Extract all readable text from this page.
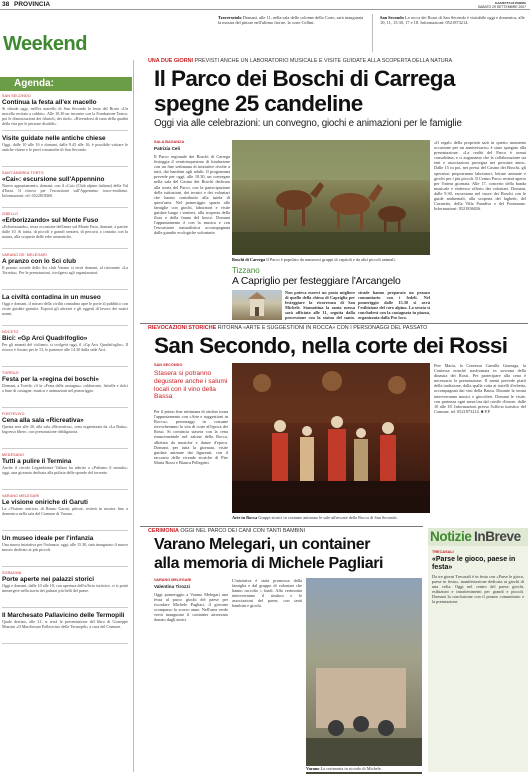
38 PROVINCIA	GAZZETTA DI PARMA
SABATO 29 SETTEMBRE 2007
Weekend
Agenda:
Traversetolo Domani, alle 11, nella sala delle colonne della Corte, sarà inaugurata la mostra del pittore nell'ultimo fiorire, la corte Cellini.
San Secondo La rocca dei Rossi di San Secondo è visitabile oggi e domenica, alle 10, 11, 15.30, 17 e 18. Informazioni: 0521873214.
SAN SECONDO
Continua la festa all'ex macello
Si chiude oggi, nell'ex macello di San Secondo la festa del Bruto «Un macello recitato a rubbio». Alle 10.30 un incontro con la Fondazione Teatro; poi le dimostrazioni dei filarioli, dei titolo. «Rivendorsi di tutta della qualità della vita per le persone disabili».
Visite guidate nelle antiche chiese
Oggi, dalle 10 alle 16 e domani, dalle 9.45 alle 16, è possibile visitare le antiche chiese e le pievi romaniche di San Secondo.
SANT'ANDREA TORTO
«Cai»: escursione sull'Appennino
Nuovo appuntamento, domani, con il «Cai» (Club alpino italiano) della Val d'Enza. Il ritrovo per l'escursione sull'Appennino tosco-emiliano. Informazioni: tel. 0522818360.
ZIBELLO
«Erborizzando» sul Monte Fuso
«Erborizzando», terza occasione dell'anno sul Monte Fuso, domani, a partire dalle 10. Si tratta, di piccoli e grandi sentieri, di percorsi a contatto con la natura, alla scoperta delle erbe aromatiche.
VARANO DE' MELEGARI
A pranzo con lo Sci club
Il pranzo sociale dello Sci club Varano si terrà domani, al ristorante «La Torretta». Per le prenotazioni, rivolgersi agli organizzatori.
La civiltà contadina in un museo
Oggi e domani, il museo della civiltà contadina apre le porte al pubblico con visite guidate gratuite. Esposti gli attrezzi e gli oggetti di lavoro dei nostri nonni.
NOCETO
Bici: «Gp Arci Quadrifoglio»
Per gli amanti del ciclismo, si svolgerà oggi, il «Gp Arci Quadrifoglio». Il ritrovo è fissato per le 13, le partenze alle 14.30 dalla sede Arci.
TORRILE
Festa per la «regina dei boschi»
Domani, a Torrile, c'è la «Festa della castagna»: caldarroste, frittelle e dolci a base di castagne, musica e animazioni nel pomeriggio.
FONTEVIVO
Cena alla sala «Ricreativa»
Questa sera alle 20, alla sala «Ricreativa», cena organizzata da «La Baita». Ingresso libero, con prenotazione obbligatoria.
MEDESANO
Tutti a pulire il Termina
Anche il circolo Legambiente Valtaro ha aderito a «Puliamo il mondo»: oggi, una giornata dedicata alla pulizia delle sponde del torrente.
VARANO MELEGARI
Le visione oniriche di Garuti
La «Visione onirica» di Renzo Garuti, pittore, resterà in mostra fino a domenica nella sala del Comune di Varano.
Un museo ideale per l'infanzia
Una nuova iniziativa per l'infanzia: oggi, alle 15.30, sarà inaugurato il nuovo museo dedicato ai più piccoli.
SORAGNA
Porte aperte nei palazzi storici
Oggi e domani, dalle 10 alle 18, con apertura dell'ufficio turistico, ci si potrà immergere nella storia dei palazzi più belli del paese.
Il Marchesato Pallavicino delle Termopili
Quale destino, alle 21, si terrà la presentazione del libro di Giuseppe Mussini «Il Marchesato Pallavicino delle Termopili» a cura del Comune.
UNA DUE GIORNI PREVISTI ANCHE UN LABORATORIO MUSICALE E VISITE GUIDATE ALLA SCOPERTA DELLA NATURA
Il Parco dei Boschi di Carrega
spegne 25 candeline
Oggi via alle celebrazioni: un convegno, giochi e animazioni per le famiglie
SALA BAGANZA
Patrizia Celi
Il Parco regionale dei Boschi di Carrega festeggia il venticinquesimo di fondazione con un fine settimana di iniziative rivolte a tutti, dai bambini agli adulti. Il programma prevede per oggi, alle 10.30, un convegno nella sala del Casino dei Boschi dedicato alla storia del Parco, con la partecipazione delle istituzioni, dei tecnici e dei volontari che hanno contribuito alla tutela di quest'area. Nel pomeriggio spazio alle famiglie con giochi, laboratori e visite guidate lungo i sentieri, alla scoperta della flora e della fauna del bosco. Domani l'appuntamento è con la musica e con l'escursione naturalistica accompagnata dalle guardie ecologiche volontarie.
Boschi di Carrega Il Parco è popolato da numerosi gruppi di caprioli e da altri piccoli animali.
«Il regalo della proprietà sarà in questo momento occasione per un anniversario» è stato spiegato alla presentazione. «La realtà del Parco è ormai consolidata, e ci auguriamo che la collaborazione tra enti e associazioni prosegua nei prossimi anni». Dalle 15 in poi, nei pressi del Casino dei Boschi, gli operatori proporranno laboratori, letture animate e giochi per i più piccoli. Il Centro Parco resterà aperto per l'intera giornata. Alle 17, concerto della banda musicale e rinfresco offerto dai volontari. Domani, dalle 9.30, escursione nel cuore dei Boschi con le guide ambientali, alla scoperta dei laghetti, del Casinetto, della Villa Paradiso e del Fontanone. Informazioni: 0521836026.
Tizzano
A Capriglio per festeggiare l'Arcangelo
Non poteva esserci un posto migliore di quello della chiesa di Capriglio per festeggiare la ricorrenza di San Michele. Stamattina la santa messa sarà officiata alle 11, seguita dalla processione con la statua del santo.
strade hanno preparato un pranzo comunitario con i fedeli. Nel pomeriggio dalle 15.30 si avrà l'esibizione del coro alpino. La serata si concluderà con la castagnata in piazza, organizzata dalla Pro loco.
RIEVOCAZIONI STORICHE RITORNA «ARTE E SUGGESTIONI IN ROCCA» CON I PERSONAGGI DEL PASSATO
San Secondo, nella corte dei Rossi
SAN SECONDO
Stasera si potranno degustare anche i salumi locali con il vino della Bassa
Per il primo fine settimana di ottobre torna l'appuntamento con «Arte e suggestioni in Rocca»: personaggi in costume rievocheranno la vita di corte all'epoca dei Rossi. Si comincia stasera con la cena rinascimentale nel salone della Rocca, allietata da musiche e danze d'epoca. Domani, per tutta la giornata, visite guidate animate dai figuranti, con il racconto delle vicende storiche di Pier Maria Rossi e Bianca Pellegrini.
Arte in Rocca Gruppi storici in costume animano le sale affrescate della Rocca di San Secondo.
Pier Maria, la Contessa Camilla Gonzaga, la Contessa nonché trasformata in sovrana della dinastia dei Rossi. Per partecipare alla cena è necessaria la prenotazione. Il menù prevede piatti della tradizione, dalla spalla cotta ai tortelli d'erbetta, accompagnati dai vini della Bassa. Durante la serata interverranno musici e giocolieri. Domani le visite, con partenza ogni mezz'ora dal cortile d'onore, dalle 10 alle 18. Informazioni presso l'ufficio turistico del Comune, tel. 0521873214. ■ P.P.
CERIMONIA OGGI NEL PARCO DEI CANI CON TANTI BAMBINI
Varano Melegari, un container
alla memoria di Michele Pagliari
VARANO MELEGARI
Valentina Tirozzi
Oggi pomeriggio a Varano Melegari una festa al parco giochi del paese per ricordare Michele Pagliari, il giovane scomparso lo scorso anno. Nell'area verde verrà inaugurato il container attrezzato donato dagli amici.
L'iniziativa è stata promossa dalla famiglia e dal gruppo di volontari che hanno raccolto i fondi. Alla cerimonia interverranno il sindaco e le associazioni del paese, con tanti bambini e giochi.
Varano La cerimonia in ricordo di Michele.
Notizie InBreve
TRECASALI
«Parse le gioco, paese in festa»
Da tre giorni Trecasali è in festa con «Parse le gioco, paese in festa», manifestazione dedicata ai giochi di una volta. Oggi nel centro del paese giochi, esibizioni e intrattenimenti per grandi e piccoli. Domani la conclusione con il pranzo comunitario e la premiazione.
